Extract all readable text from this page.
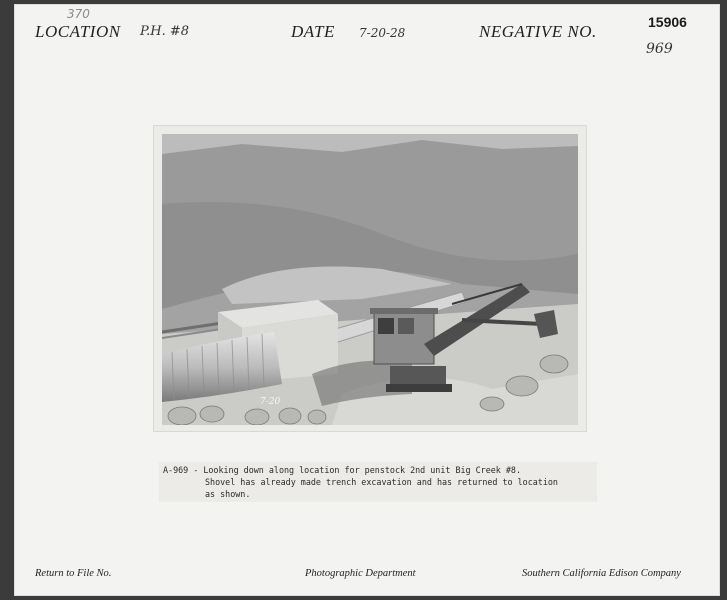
370
LOCATION P.H. #8	DATE 7-20-28	NEGATIVE NO.	15906
969
7-20
A-969 - Looking down along location for penstock 2nd unit Big Creek #8.
Shovel has already made trench excavation and has returned to location
as shown.
Return to File No.	Photographic Department	Southern California Edison Company
